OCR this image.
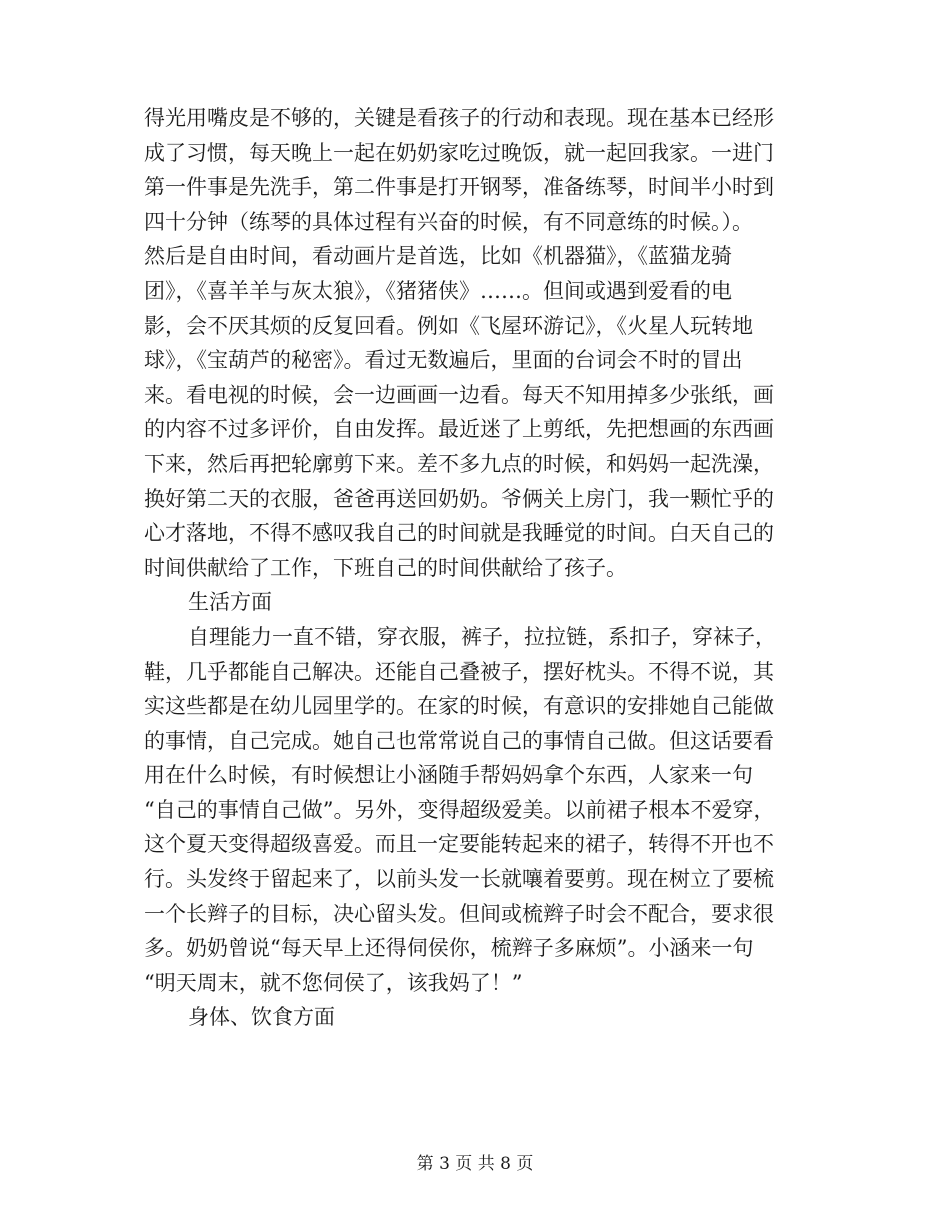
得光用嘴皮是不够的，关键是看孩子的行动和表现。现在基本已经形
成了习惯，每天晚上一起在奶奶家吃过晚饭，就一起回我家。一进门
第一件事是先洗手，第二件事是打开钢琴，准备练琴，时间半小时到
四十分钟（练琴的具体过程有兴奋的时候，有不同意练的时候。）。
然后是自由时间，看动画片是首选，比如《机器猫》，《蓝猫龙骑
团》，《喜羊羊与灰太狼》，《猪猪侠》……。但间或遇到爱看的电
影，会不厌其烦的反复回看。例如《飞屋环游记》，《火星人玩转地
球》，《宝葫芦的秘密》。看过无数遍后，里面的台词会不时的冒出
来。看电视的时候，会一边画画一边看。每天不知用掉多少张纸，画
的内容不过多评价，自由发挥。最近迷了上剪纸，先把想画的东西画
下来，然后再把轮廓剪下来。差不多九点的时候，和妈妈一起洗澡，
换好第二天的衣服，爸爸再送回奶奶。爷俩关上房门，我一颗忙乎的
心才落地，不得不感叹我自己的时间就是我睡觉的时间。白天自己的
时间供献给了工作，下班自己的时间供献给了孩子。
生活方面
自理能力一直不错，穿衣服，裤子，拉拉链，系扣子，穿袜子，
鞋，几乎都能自己解决。还能自己叠被子，摆好枕头。不得不说，其
实这些都是在幼儿园里学的。在家的时候，有意识的安排她自己能做
的事情，自己完成。她自己也常常说自己的事情自己做。但这话要看
用在什么时候，有时候想让小涵随手帮妈妈拿个东西，人家来一句
“自己的事情自己做”。另外，变得超级爱美。以前裙子根本不爱穿，
这个夏天变得超级喜爱。而且一定要能转起来的裙子，转得不开也不
行。头发终于留起来了，以前头发一长就嚷着要剪。现在树立了要梳
一个长辫子的目标，决心留头发。但间或梳辫子时会不配合，要求很
多。奶奶曾说“每天早上还得伺侯你，梳辫子多麻烦”。小涵来一句
“明天周末，就不您伺侯了，该我妈了！”
身体、饮食方面
第 3 页 共 8 页
